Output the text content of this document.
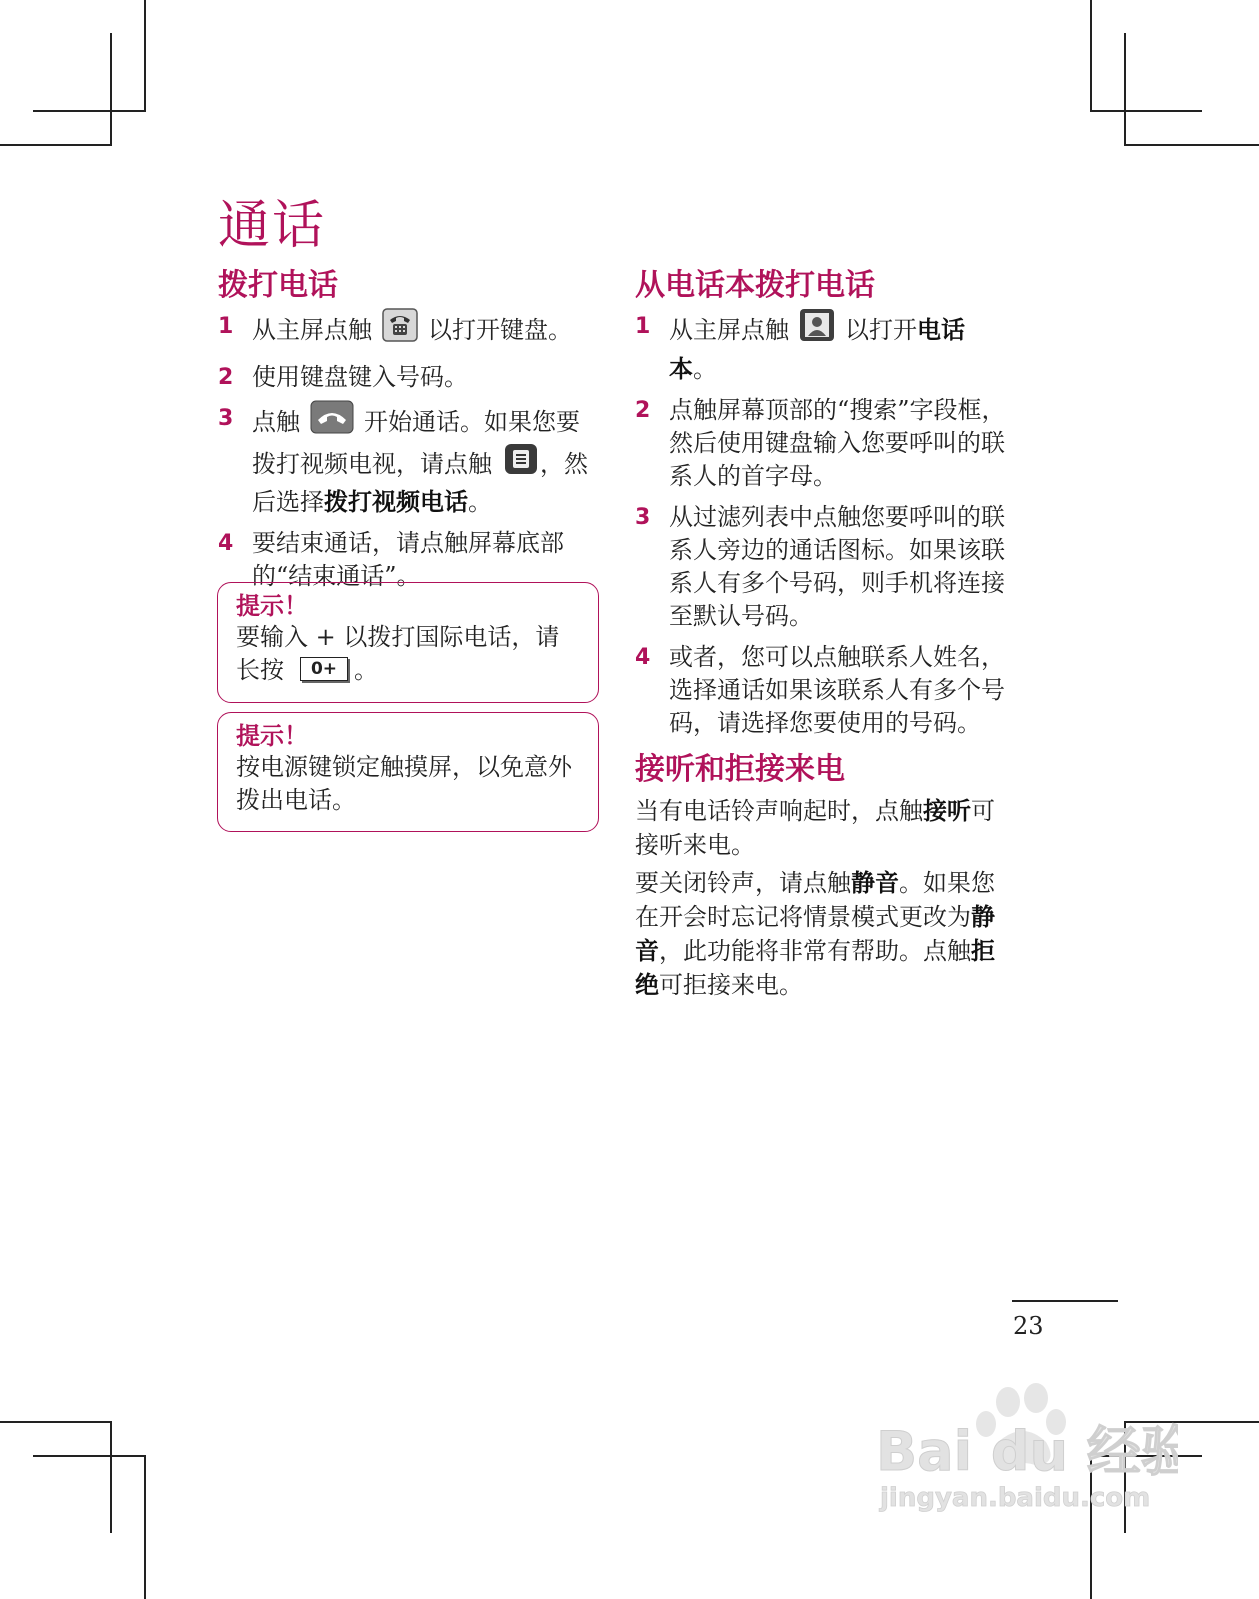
通话
拨打电话
1 从主屏点触 以打开键盘。
2 使用键盘键入号码。
3 点触	开始通话。如果您要拨打视频电视，请点触 ，然后选择拨打视频电话。
4 要结束通话，请点触屏幕底部的“结束通话”。
提示！
要输入 + 以拨打国际电话，请长按 0+ 。
提示！
按电源键锁定触摸屏，以免意外拨出电话。
从电话本拨打电话
1 从主屏点触 以打开电话本。
2 点触屏幕顶部的“搜索”字段框，然后使用键盘输入您要呼叫的联系人的首字母。
3 从过滤列表中点触您要呼叫的联系人旁边的通话图标。如果该联系人有多个号码，则手机将连接至默认号码。
4 或者，您可以点触联系人姓名，选择通话如果该联系人有多个号码，请选择您要使用的号码。
接听和拒接来电
当有电话铃声响起时，点触接听可接听来电。
要关闭铃声，请点触静音。如果您在开会时忘记将情景模式更改为静音，此功能将非常有帮助。点触拒绝可拒接来电。
23
Bai du 经验
jingyan.baidu.com
